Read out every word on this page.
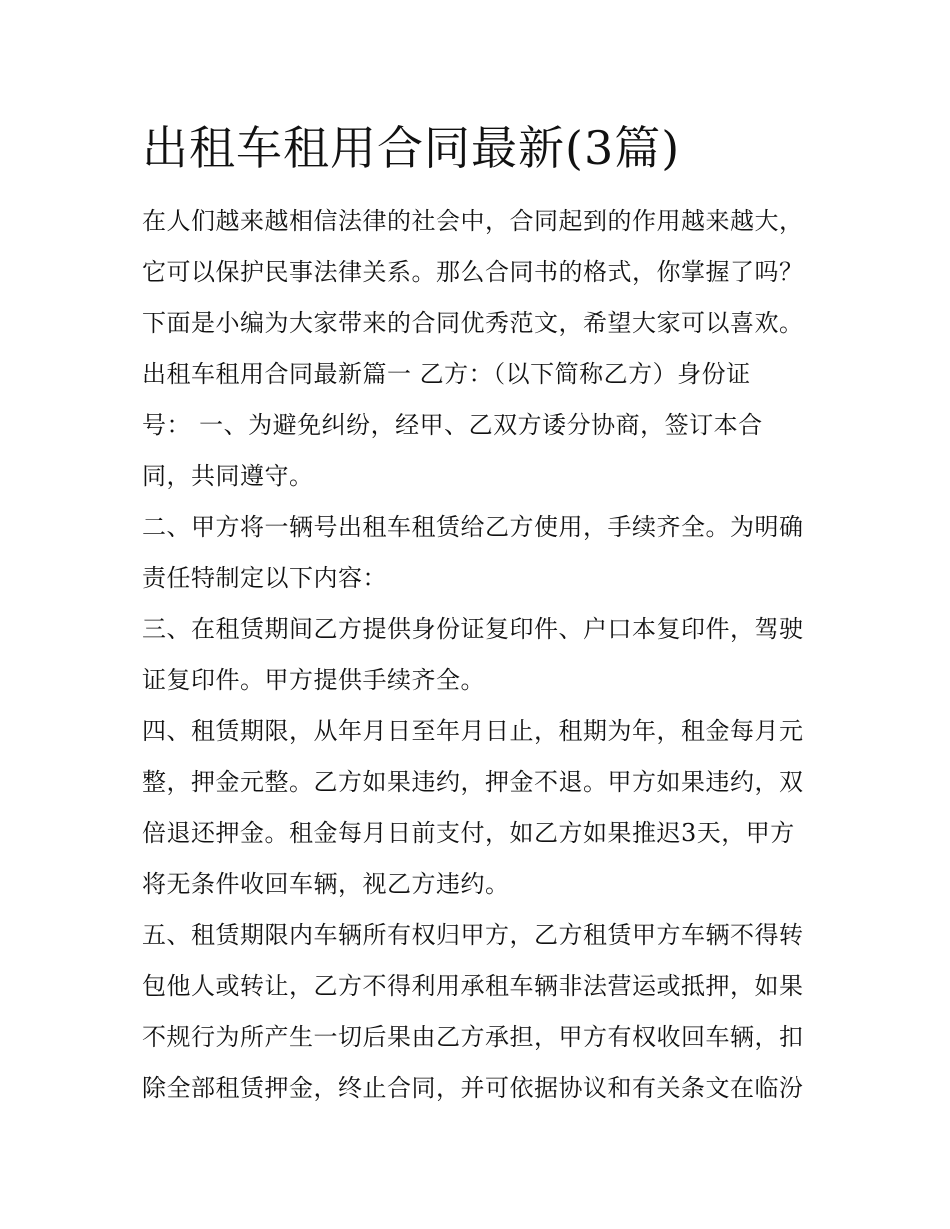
出租车租用合同最新(3篇)
在人们越来越相信法律的社会中，合同起到的作用越来越大，
它可以保护民事法律关系。那么合同书的格式，你掌握了吗？
下面是小编为大家带来的合同优秀范文，希望大家可以喜欢。
出租车租用合同最新篇一 乙方：（以下简称乙方）身份证
号： 一、为避免纠纷，经甲、乙双方诿分协商，签订本合
同，共同遵守。
二、甲方将一辆号出租车租赁给乙方使用，手续齐全。为明确
责任特制定以下内容：
三、在租赁期间乙方提供身份证复印件、户口本复印件，驾驶
证复印件。甲方提供手续齐全。
四、租赁期限，从年月日至年月日止，租期为年，租金每月元
整，押金元整。乙方如果违约，押金不退。甲方如果违约，双
倍退还押金。租金每月日前支付，如乙方如果推迟3天，甲方
将无条件收回车辆，视乙方违约。
五、租赁期限内车辆所有权归甲方，乙方租赁甲方车辆不得转
包他人或转让，乙方不得利用承租车辆非法营运或抵押，如果
不规行为所产生一切后果由乙方承担，甲方有权收回车辆，扣
除全部租赁押金，终止合同，并可依据协议和有关条文在临汾
